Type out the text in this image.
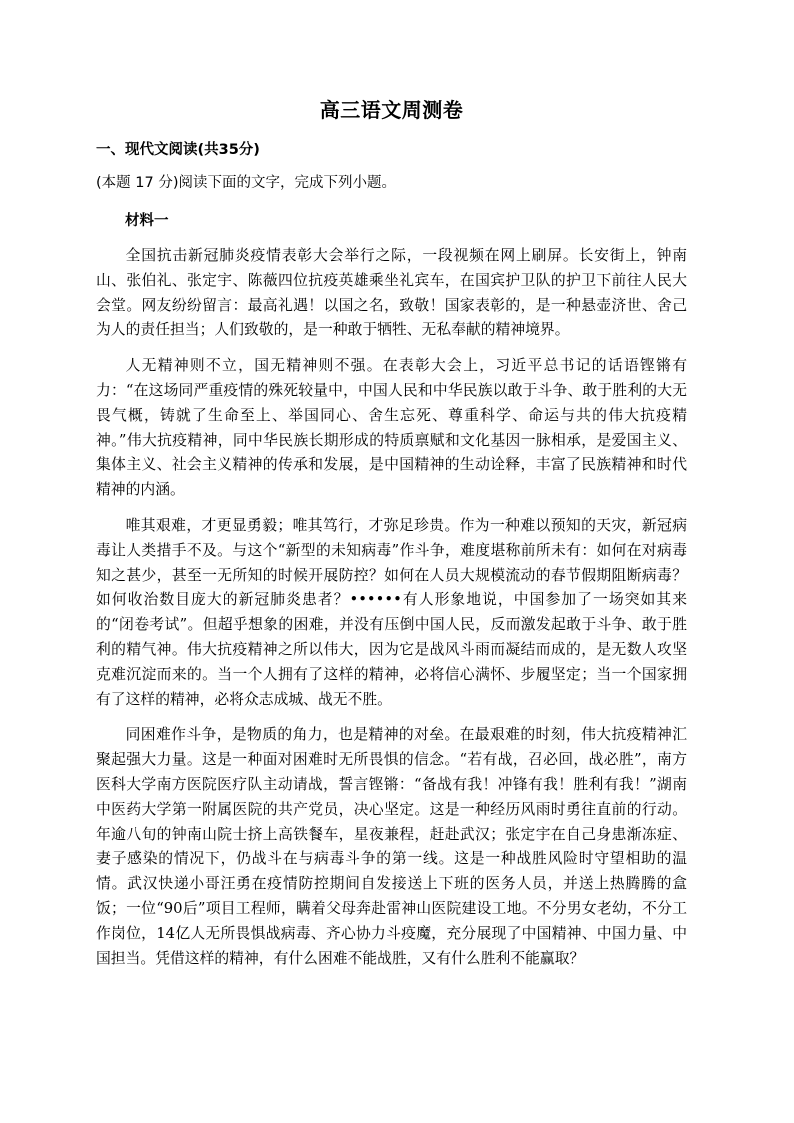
高三语文周测卷
一、现代文阅读(共35分)
(本题 17 分)阅读下面的文字，完成下列小题。
材料一

全国抗击新冠肺炎疫情表彰大会举行之际，一段视频在网上刷屏。长安街上，钟南山、张伯礼、张定宇、陈薇四位抗疫英雄乘坐礼宾车，在国宾护卫队的护卫下前往人民大会堂。网友纷纷留言：最高礼遇！以国之名，致敬！国家表彰的，是一种悬壶济世、舍己为人的责任担当；人们致敬的，是一种敢于牺牲、无私奉献的精神境界。

人无精神则不立，国无精神则不强。在表彰大会上，习近平总书记的话语铿锵有力：“在这场同严重疫情的殊死较量中，中国人民和中华民族以敢于斗争、敢于胜利的大无畏气概，铸就了生命至上、举国同心、舍生忘死、尊重科学、命运与共的伟大抗疫精神。”伟大抗疫精神，同中华民族长期形成的特质禀赋和文化基因一脉相承，是爱国主义、集体主义、社会主义精神的传承和发展，是中国精神的生动诠释，丰富了民族精神和时代精神的内涵。

唯其艰难，才更显勇毅；唯其笃行，才弥足珍贵。作为一种难以预知的天灾，新冠病毒让人类措手不及。与这个“新型的未知病毒”作斗争，难度堪称前所未有：如何在对病毒知之甚少，甚至一无所知的时候开展防控？如何在人员大规模流动的春节假期阻断病毒？如何收治数目庞大的新冠肺炎患者？••••••有人形象地说，中国参加了一场突如其来的“闭卷考试”。但超乎想象的困难，并没有压倒中国人民，反而激发起敢于斗争、敢于胜利的精气神。伟大抗疫精神之所以伟大，因为它是战风斗雨而凝结而成的，是无数人攻坚克难沉淀而来的。当一个人拥有了这样的精神，必将信心满怀、步履坚定；当一个国家拥有了这样的精神，必将众志成城、战无不胜。

同困难作斗争，是物质的角力，也是精神的对垒。在最艰难的时刻，伟大抗疫精神汇聚起强大力量。这是一种面对困难时无所畏惧的信念。“若有战，召必回，战必胜”，南方医科大学南方医院医疗队主动请战，誓言铿锵：“备战有我！冲锋有我！胜利有我！”湖南中医药大学第一附属医院的共产党员，决心坚定。这是一种经历风雨时勇往直前的行动。年逾八旬的钟南山院士挤上高铁餐车，星夜兼程，赶赴武汉；张定宇在自己身患渐冻症、妻子感染的情况下，仍战斗在与病毒斗争的第一线。这是一种战胜风险时守望相助的温情。武汉快递小哥汪勇在疫情防控期间自发接送上下班的医务人员，并送上热腾腾的盒饭；一位“90后”项目工程师，瞒着父母奔赴雷神山医院建设工地。不分男女老幼，不分工作岗位，14亿人无所畏惧战病毒、齐心协力斗疫魔，充分展现了中国精神、中国力量、中国担当。凭借这样的精神，有什么困难不能战胜，又有什么胜利不能赢取？
